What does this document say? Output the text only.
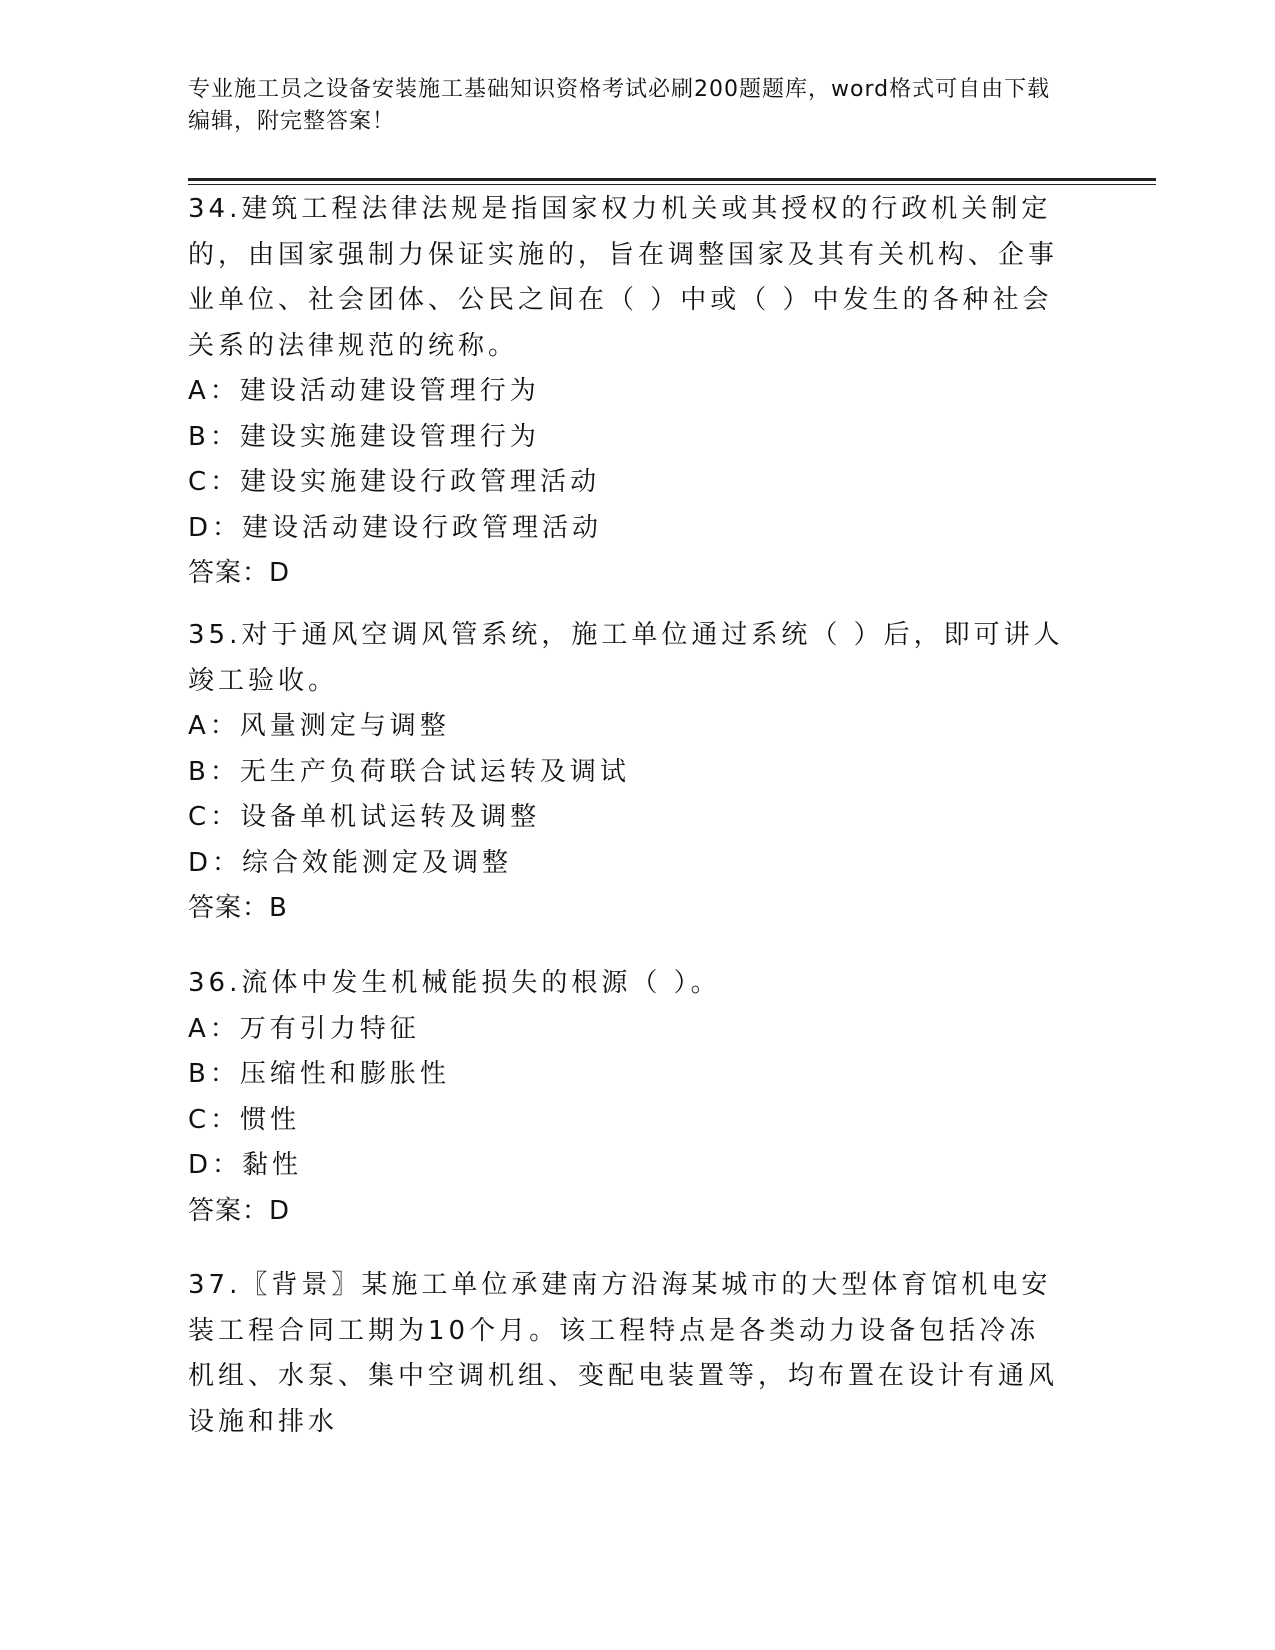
专业施工员之设备安装施工基础知识资格考试必刷200题题库，word格式可自由下载编辑，附完整答案！

34.建筑工程法律法规是指国家权力机关或其授权的行政机关制定的，由国家强制力保证实施的，旨在调整国家及其有关机构、企事业单位、社会团体、公民之间在（ ）中或（ ）中发生的各种社会关系的法律规范的统称。

A：建设活动建设管理行为

B：建设实施建设管理行为

C：建设实施建设行政管理活动

D：建设活动建设行政管理活动

答案：D

35.对于通风空调风管系统，施工单位通过系统（ ）后，即可讲人竣工验收。

A：风量测定与调整

B：无生产负荷联合试运转及调试

C：设备单机试运转及调整

D：综合效能测定及调整

答案：B

36.流体中发生机械能损失的根源（ ）。

A：万有引力特征

B：压缩性和膨胀性

C：惯性

D：黏性

答案：D

37.〖背景〗某施工单位承建南方沿海某城市的大型体育馆机电安装工程合同工期为10个月。该工程特点是各类动力设备包括冷冻机组、水泵、集中空调机组、变配电装置等，均布置在设计有通风设施和排水
